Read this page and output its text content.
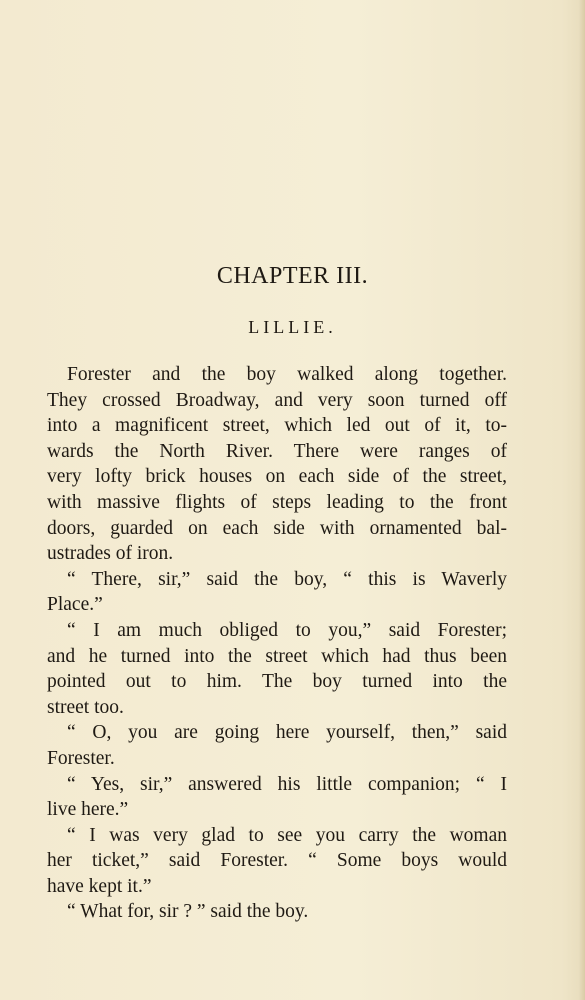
CHAPTER III.
LILLIE.
Forester and the boy walked along together.
They crossed Broadway, and very soon turned off
into a magnificent street, which led out of it, to-
wards the North River. There were ranges of
very lofty brick houses on each side of the street,
with massive flights of steps leading to the front
doors, guarded on each side with ornamented bal-
ustrades of iron.
“ There, sir,” said the boy, “ this is Waverly
Place.”
“ I am much obliged to you,” said Forester;
and he turned into the street which had thus been
pointed out to him. The boy turned into the
street too.
“ O, you are going here yourself, then,” said
Forester.
“ Yes, sir,” answered his little companion; “ I
live here.”
“ I was very glad to see you carry the woman
her ticket,” said Forester. “ Some boys would
have kept it.”
“ What for, sir ? ” said the boy.
